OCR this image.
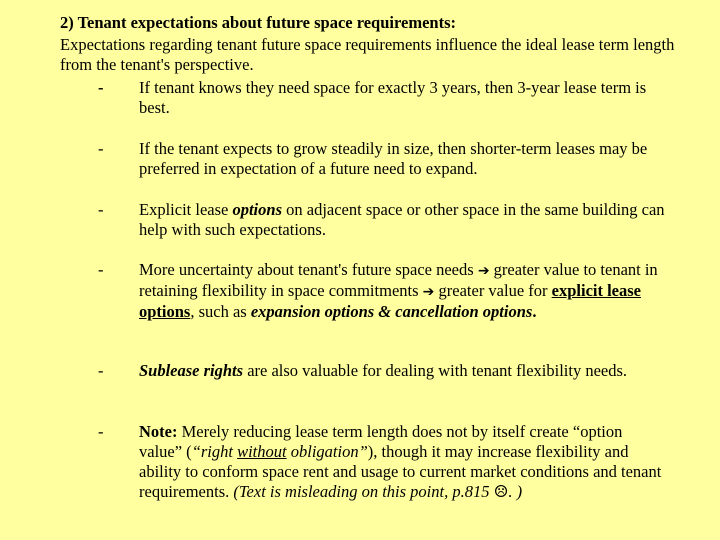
2) Tenant expectations about future space requirements:
Expectations regarding tenant future space requirements influence the ideal lease term length from the tenant's perspective.
- If tenant knows they need space for exactly 3 years, then 3-year lease term is best.
- If the tenant expects to grow steadily in size, then shorter-term leases may be preferred in expectation of a future need to expand.
- Explicit lease options on adjacent space or other space in the same building can help with such expectations.
- More uncertainty about tenant's future space needs ➔ greater value to tenant in retaining flexibility in space commitments ➔ greater value for explicit lease options, such as expansion options & cancellation options.
- Sublease rights are also valuable for dealing with tenant flexibility needs.
- Note: Merely reducing lease term length does not by itself create “option value” (“right without obligation”), though it may increase flexibility and ability to conform space rent and usage to current market conditions and tenant requirements. (Text is misleading on this point, p.815 ☹. )
